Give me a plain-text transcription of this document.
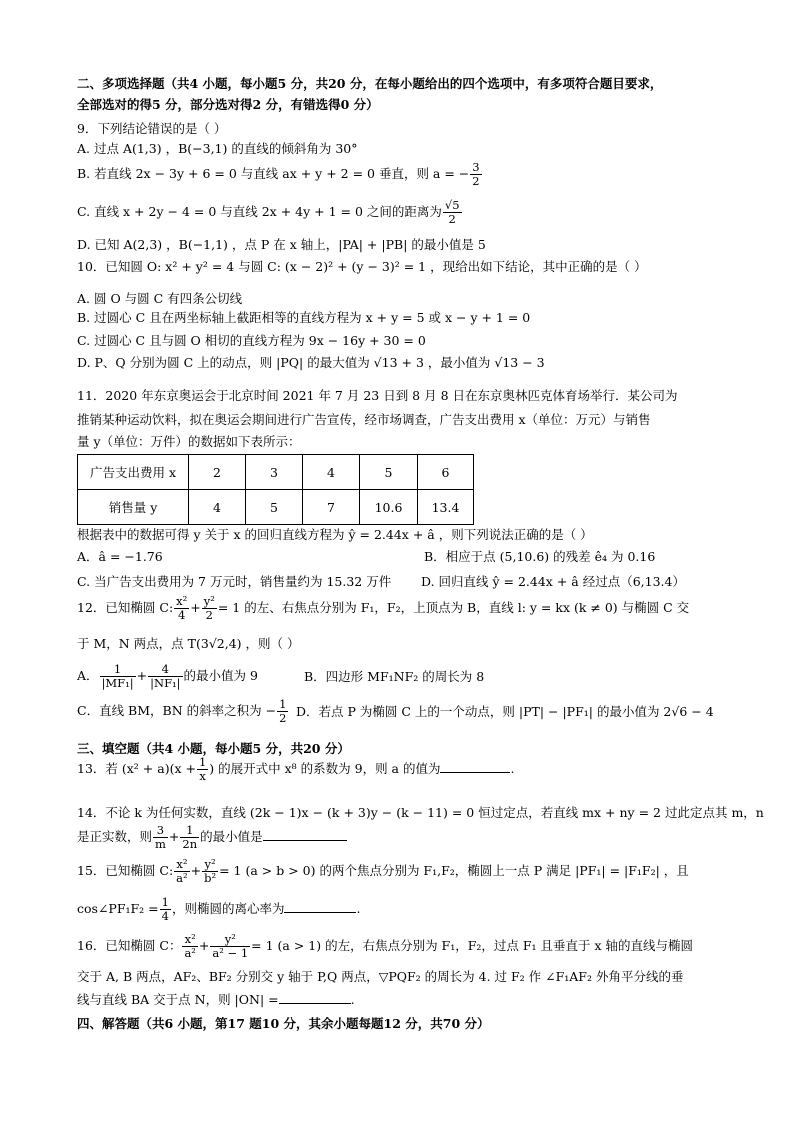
二、多项选择题（共4 小题，每小题5 分，共20 分，在每小题给出的四个选项中，有多项符合题目要求，
全部选对的得5 分，部分选对得2 分，有错选得0 分）
9．下列结论错误的是（ ）
A. 过点 A(1,3) ，B(−3,1) 的直线的倾斜角为 30°
B. 若直线 2x − 3y + 6 = 0 与直线 ax + y + 2 = 0 垂直，则 a = − $\frac{3}{2}$
C. 直线 x + 2y − 4 = 0 与直线 2x + 4y + 1 = 0 之间的距离为 $\frac{√5}{2}$
D. 已知 A(2,3) ，B(−1,1) ，点 P 在 x 轴上，|PA| + |PB| 的最小值是 5
10．已知圆 O: x² + y² = 4 与圆 C: (x − 2)² + (y − 3)² = 1 ，现给出如下结论，其中正确的是（ ）
A. 圆 O 与圆 C 有四条公切线
B. 过圆心 C 且在两坐标轴上截距相等的直线方程为 x + y = 5 或 x − y + 1 = 0
C. 过圆心 C 且与圆 O 相切的直线方程为 9x − 16y + 30 = 0
D. P、Q 分别为圆 C 上的动点，则 |PQ| 的最大值为 √13 + 3 ，最小值为 √13 − 3
11．2020 年东京奥运会于北京时间 2021 年 7 月 23 日到 8 月 8 日在东京奥林匹克体育场举行．某公司为
推销某种运动饮料，拟在奥运会期间进行广告宣传，经市场调查，广告支出费用 x（单位：万元）与销售
量 y（单位：万件）的数据如下表所示：
广告支出费用 x	2	3	4	5	6
销售量 y	4	5	7	10.6	13.4
根据表中的数据可得 y 关于 x 的回归直线方程为 ŷ = 2.44x + â ，则下列说法正确的是（ ）
A．â = −1.76	B．相应于点 (5,10.6) 的残差 ê₄ 为 0.16
C. 当广告支出费用为 7 万元时，销售量约为 15.32 万件 D. 回归直线 ŷ = 2.44x + â 经过点（6,13.4）
12．已知椭圆 C: $\frac{\text{x²}}{4} + \frac{\text{y²}}{2} = 1$ 的左、右焦点分别为 F₁，F₂，上顶点为 B，直线 l: y = kx (k ≠ 0) 与椭圆 C 交
于 M，N 两点，点 T(3√2,4) ，则（ ）
A． $\frac{1}{\text{|MF₁|}} + \frac{4}{\text{|NF₁|}}$ 的最小值为 9	B．四边形 MF₁NF₂ 的周长为 8
C．直线 BM，BN 的斜率之积为 − $\frac{1}{2}$ D．若点 P 为椭圆 C 上的一个动点，则 |PT| − |PF₁| 的最小值为 2√6 − 4
三、填空题（共4 小题，每小题5 分，共20 分）
13．若 $(x^2 + a)(x + \frac{1}{x}$ ) 的展开式中 x⁸ 的系数为 9，则 a 的值为	.
14．不论 k 为任何实数，直线 (2k − 1)x − (k + 3)y − (k − 11) = 0 恒过定点，若直线 mx + ny = 2 过此定点其 m，n
是正实数，则 $\frac{3}{m} + \frac{1}{2n}$ 的最小值是
15．已知椭圆 C: $\frac{\text{x²}}{\text{a²}} + \frac{\text{y²}}{\text{b²}} = 1$ (a > b > 0) 的两个焦点分别为 F₁,F₂，椭圆上一点 P 满足 |PF₁| = |F₁F₂| ，且
cos∠PF₁F₂ = $\frac{1}{4}$ ，则椭圆的离心率为	.
16．已知椭圆 C： $\frac{\text{x²}}{\text{a²}} + \frac{\text{y²}}{\text{a² − 1}} = 1$ (a > 1) 的左，右焦点分别为 F₁，F₂，过点 F₁ 且垂直于 x 轴的直线与椭圆
交于 A, B 两点，AF₂、BF₂ 分别交 y 轴于 P,Q 两点，▽PQF₂ 的周长为 4. 过 F₂ 作 ∠F₁AF₂ 外角平分线的垂
线与直线 BA 交于点 N，则 |ON| =	.
四、解答题（共6 小题，第17 题10 分，其余小题每题12 分，共70 分）
